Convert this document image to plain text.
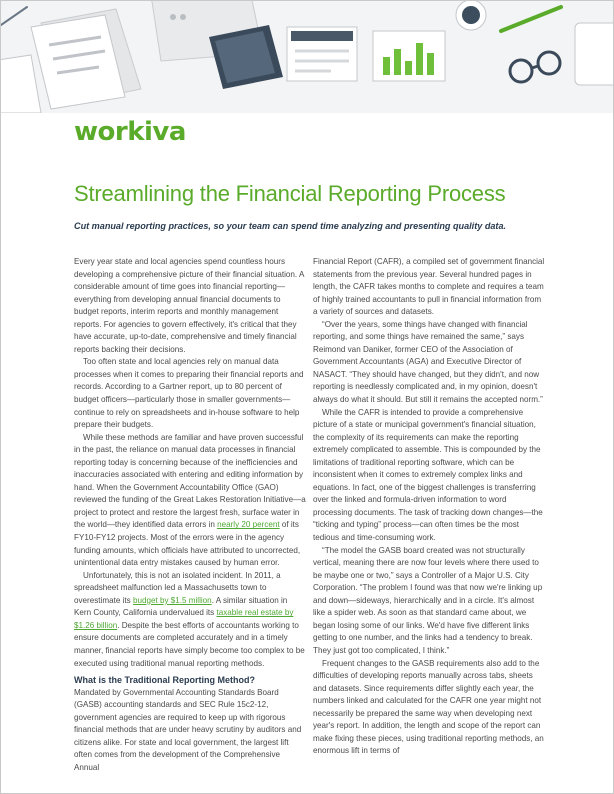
workiva
Streamlining the Financial Reporting Process

Cut manual reporting practices, so your team can spend time analyzing and presenting quality data.

Every year state and local agencies spend countless hours developing a comprehensive picture of their financial situation. A considerable amount of time goes into financial reporting—everything from developing annual financial documents to budget reports, interim reports and monthly management reports. For agencies to govern effectively, it's critical that they have accurate, up-to-date, comprehensive and timely financial reports backing their decisions.

Too often state and local agencies rely on manual data processes when it comes to preparing their financial reports and records. According to a Gartner report, up to 80 percent of budget officers—particularly those in smaller governments—continue to rely on spreadsheets and in-house software to help prepare their budgets.

While these methods are familiar and have proven successful in the past, the reliance on manual data processes in financial reporting today is concerning because of the inefficiencies and inaccuracies associated with entering and editing information by hand. When the Government Accountability Office (GAO) reviewed the funding of the Great Lakes Restoration Initiative—a project to protect and restore the largest fresh, surface water in the world—they identified data errors in nearly 20 percent of its FY10-FY12 projects. Most of the errors were in the agency funding amounts, which officials have attributed to uncorrected, unintentional data entry mistakes caused by human error.

Unfortunately, this is not an isolated incident. In 2011, a spreadsheet malfunction led a Massachusetts town to overestimate its budget by $1.5 million. A similar situation in Kern County, California undervalued its taxable real estate by $1.26 billion. Despite the best efforts of accountants working to ensure documents are completed accurately and in a timely manner, financial reports have simply become too complex to be executed using traditional manual reporting methods.

What is the Traditional Reporting Method?

Mandated by Governmental Accounting Standards Board (GASB) accounting standards and SEC Rule 15c2-12, government agencies are required to keep up with rigorous financial methods that are under heavy scrutiny by auditors and citizens alike. For state and local government, the largest lift often comes from the development of the Comprehensive Annual

Financial Report (CAFR), a compiled set of government financial statements from the previous year. Several hundred pages in length, the CAFR takes months to complete and requires a team of highly trained accountants to pull in financial information from a variety of sources and datasets.

“Over the years, some things have changed with financial reporting, and some things have remained the same,” says Reimond van Daniker, former CEO of the Association of Government Accountants (AGA) and Executive Director of NASACT. “They should have changed, but they didn't, and now reporting is needlessly complicated and, in my opinion, doesn't always do what it should. But still it remains the accepted norm.”

While the CAFR is intended to provide a comprehensive picture of a state or municipal government's financial situation, the complexity of its requirements can make the reporting extremely complicated to assemble. This is compounded by the limitations of traditional reporting software, which can be inconsistent when it comes to extremely complex links and equations. In fact, one of the biggest challenges is transferring over the linked and formula-driven information to word processing documents. The task of tracking down changes—the “ticking and typing” process—can often times be the most tedious and time-consuming work.

“The model the GASB board created was not structurally vertical, meaning there are now four levels where there used to be maybe one or two,” says a Controller of a Major U.S. City Corporation. “The problem I found was that now we're linking up and down—sideways, hierarchically and in a circle. It's almost like a spider web. As soon as that standard came about, we began losing some of our links. We'd have five different links getting to one number, and the links had a tendency to break. They just got too complicated, I think.”

Frequent changes to the GASB requirements also add to the difficulties of developing reports manually across tabs, sheets and datasets. Since requirements differ slightly each year, the numbers linked and calculated for the CAFR one year might not necessarily be prepared the same way when developing next year's report. In addition, the length and scope of the report can make fixing these pieces, using traditional reporting methods, an enormous lift in terms of
